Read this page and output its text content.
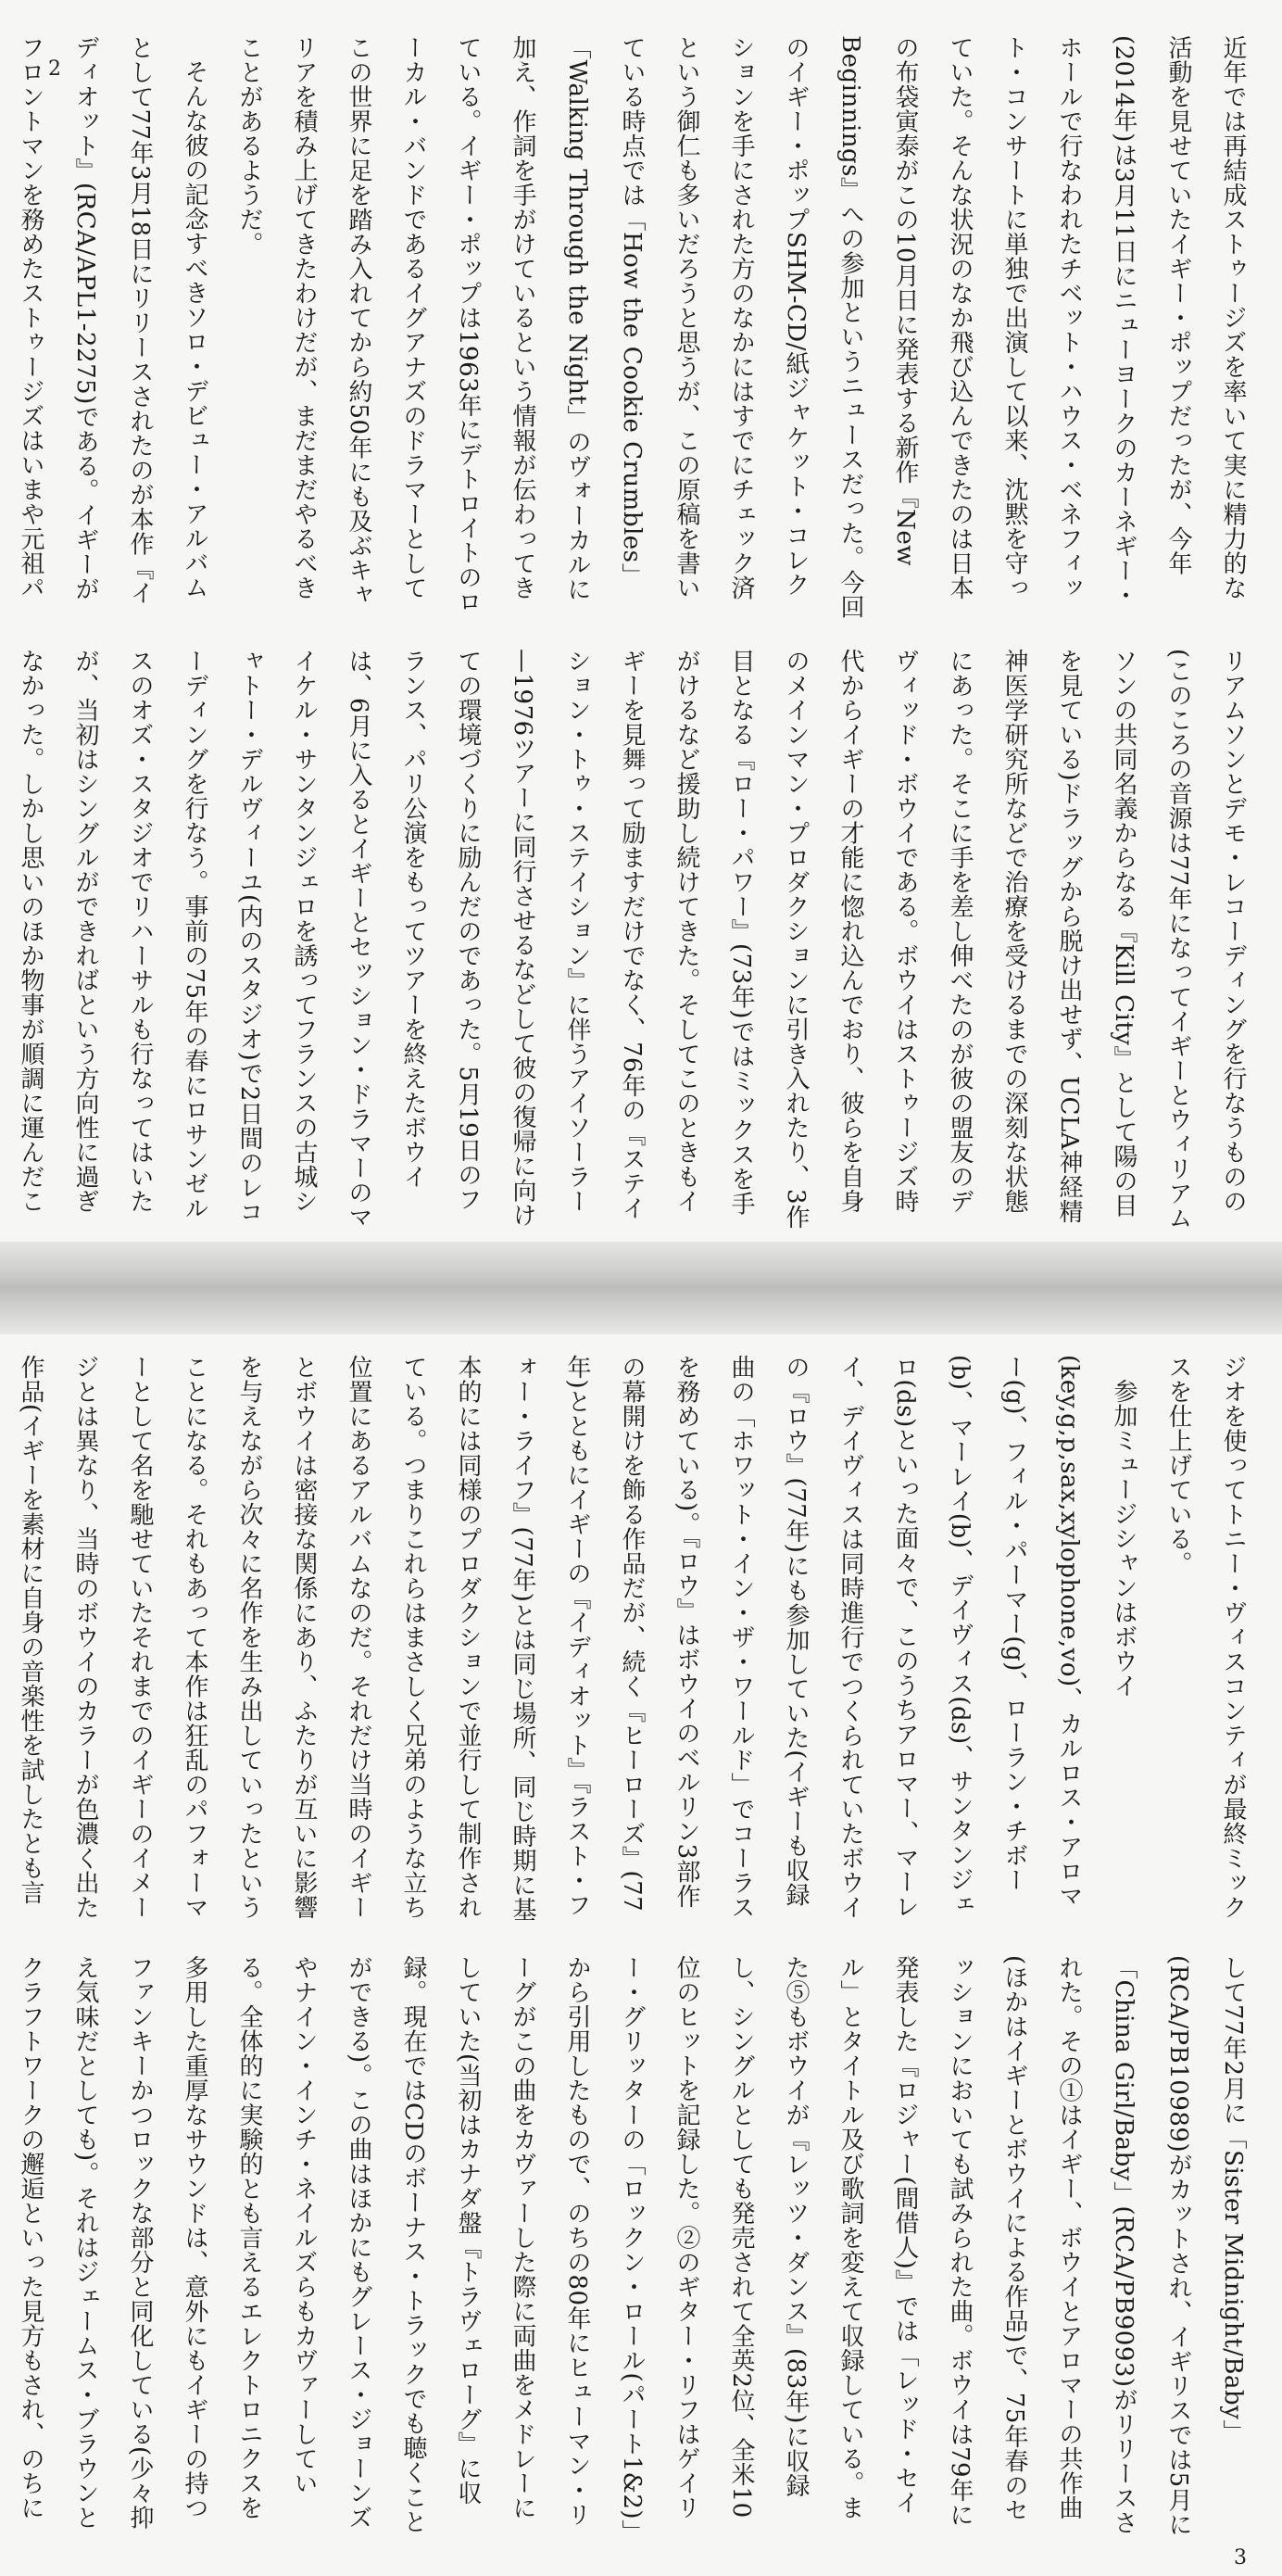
2	近年では再結成ストゥージズを率いて実に精力的な活動を見せていたイギー・ポップだったが、今年(2014年)は3月11日にニューヨークのカーネギー・ホールで行なわれたチベット・ハウス・ベネフィット・コンサートに単独で出演して以来、沈黙を守っていた。そんな状況のなか飛び込んできたのは日本の布袋寅泰がこの10月日に発表する新作『New Beginnings』への参加というニュースだった。今回のイギー・ポップSHM-CD/紙ジャケット・コレクションを手にされた方のなかにはすでにチェック済という御仁も多いだろうと思うが、この原稿を書いている時点では「How the Cookie Crumbles」「Walking Through the Night」のヴォーカルに加え、作詞を手がけているという情報が伝わってきている。イギー・ポップは1963年にデトロイトのローカル・バンドであるイグアナズのドラマーとしてこの世界に足を踏み入れてから約50年にも及ぶキャリアを積み上げてきたわけだが、まだまだやるべきことがあるようだ。

そんな彼の記念すべきソロ・デビュー・アルバムとして77年3月18日にリリースされたのが本作『イディオット』(RCA/APL1-2275)である。イギーがフロントマンを務めたストゥージズはいまや元祖パ

リアムソンとデモ・レコーディングを行なうものの(このころの音源は77年になってイギーとウィリアムソンの共同名義からなる『Kill City』として陽の目を見ている)ドラッグから脱け出せず、UCLA神経精神医学研究所などで治療を受けるまでの深刻な状態にあった。そこに手を差し伸べたのが彼の盟友のデヴィッド・ボウイである。ボウイはストゥージズ時代からイギーの才能に惚れ込んでおり、彼らを自身のメインマン・プロダクションに引き入れたり、3作目となる『ロー・パワー』(73年)ではミックスを手がけるなど援助し続けてきた。そしてこのときもイギーを見舞って励ますだけでなく、76年の『ステイション・トゥ・ステイション』に伴うアイソーラー—1976ツアーに同行させるなどして彼の復帰に向けての環境づくりに励んだのであった。5月19日のフランス、パリ公演をもってツアーを終えたボウイは、6月に入るとイギーとセッション・ドラマーのマイケル・サンタンジェロを誘ってフランスの古城シャトー・デルヴィーユ(内のスタジオ)で2日間のレコーディングを行なう。事前の75年の春にロサンゼルスのオズ・スタジオでリハーサルも行なってはいたが、当初はシングルができればという方向性に過ぎなかった。しかし思いのほか物事が順調に運んだこ

ジオを使ってトニー・ヴィスコンティが最終ミックスを仕上げている。

参加ミュージシャンはボウイ(key,g,p,sax,xylophone,vo)、カルロス・アロマー(g)、フィル・パーマー(g)、ローラン・チボー(b)、マーレイ(b)、デイヴィス(ds)、サンタンジェロ(ds)といった面々で、このうちアロマー、マーレイ、デイヴィスは同時進行でつくられていたボウイの『ロウ』(77年)にも参加していた(イギーも収録曲の「ホワット・イン・ザ・ワールド」でコーラスを務めている)。『ロウ』はボウイのベルリン3部作の幕開けを飾る作品だが、続く『ヒーローズ』(77年)とともにイギーの『イディオット』『ラスト・フォー・ライフ』(77年)とは同じ場所、同じ時期に基本的には同様のプロダクションで並行して制作されている。つまりこれらはまさしく兄弟のような立ち位置にあるアルバムなのだ。それだけ当時のイギーとボウイは密接な関係にあり、ふたりが互いに影響を与えながら次々に名作を生み出していったということになる。それもあって本作は狂乱のパフォーマーとして名を馳せていたそれまでのイギーのイメージとは異なり、当時のボウイのカラーが色濃く出た作品(イギーを素材に自身の音楽性を試したとも言

して77年2月に「Sister Midnight/Baby」(RCA/PB10989)がカットされ、イギリスでは5月に「China Girl/Baby」(RCA/PB9093)がリリースされた。その①はイギー、ボウイとアロマーの共作曲(ほかはイギーとボウイによる作品)で、75年春のセッションにおいても試みられた曲。ボウイは79年に発表した『ロジャー(間借人)』では「レッド・セイル」とタイトル及び歌詞を変えて収録している。また⑤もボウイが『レッツ・ダンス』(83年)に収録し、シングルとしても発売されて全英2位、全米10位のヒットを記録した。②のギター・リフはゲイリー・グリッターの「ロックン・ロール(パート1&2)」から引用したもので、のちの80年にヒューマン・リーグがこの曲をカヴァーした際に両曲をメドレーにしていた(当初はカナダ盤『トラヴェローグ』に収録。現在ではCDのボーナス・トラックでも聴くことができる)。この曲はほかにもグレース・ジョーンズやナイン・インチ・ネイルズらもカヴァーしている。全体的に実験的とも言えるエレクトロニクスを多用した重厚なサウンドは、意外にもイギーの持つファンキーかつロックな部分と同化している(少々抑え気味だとしても)。それはジェームス・ブラウンとクラフトワークの邂逅といった見方もされ、のちに

3
